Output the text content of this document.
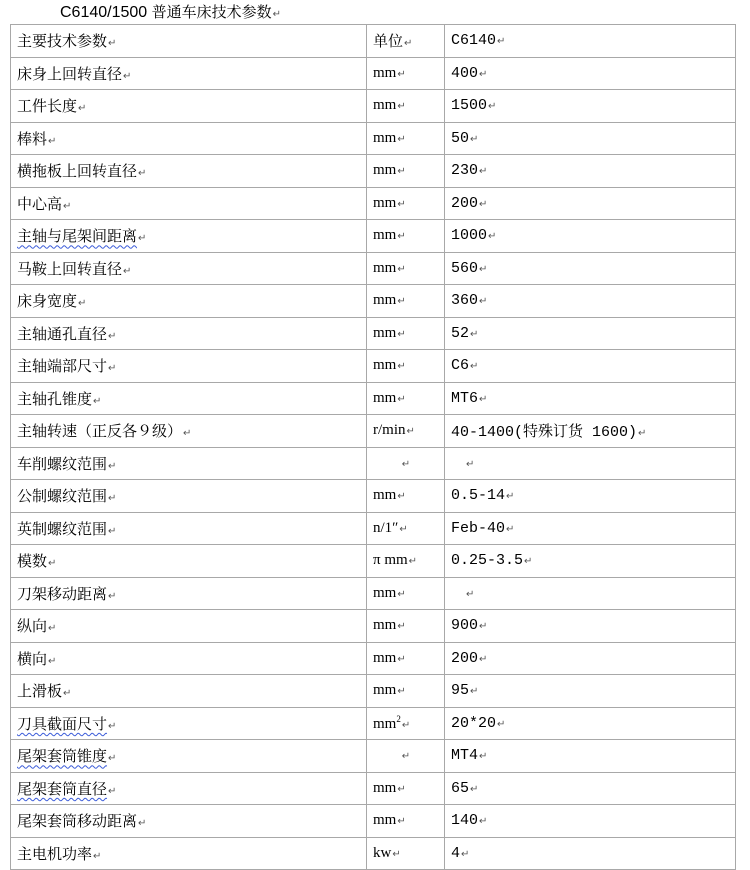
C6140/1500 普通车床技术参数↵
主要技术参数↵	单位↵	C6140↵
床身上回转直径↵	mm↵	400↵
工件长度↵	mm↵	1500↵
棒料↵	mm↵	50↵
横拖板上回转直径↵	mm↵	230↵
中心高↵	mm↵	200↵
主轴与尾架间距离↵	mm↵	1000↵
马鞍上回转直径↵	mm↵	560↵
床身宽度↵	mm↵	360↵
主轴通孔直径↵	mm↵	52↵
主轴端部尺寸↵	mm↵	C6↵
主轴孔锥度↵	mm↵	MT6↵
主轴转速（正反各９级）↵	r/min↵	40-1400(特殊订货 1600)↵
车削螺纹范围↵	↵	↵
公制螺纹范围↵	mm↵	0.5-14↵
英制螺纹范围↵	n/1″↵	Feb-40↵
模数↵	π mm↵	0.25-3.5↵
刀架移动距离↵	mm↵	↵
纵向↵	mm↵	900↵
横向↵	mm↵	200↵
上滑板↵	mm↵	95↵
刀具截面尺寸↵	$mm^2↵$	20*20↵
尾架套筒锥度↵	↵	MT4↵
尾架套筒直径↵	mm↵	65↵
尾架套筒移动距离↵	mm↵	140↵
主电机功率↵	kw↵	4↵
